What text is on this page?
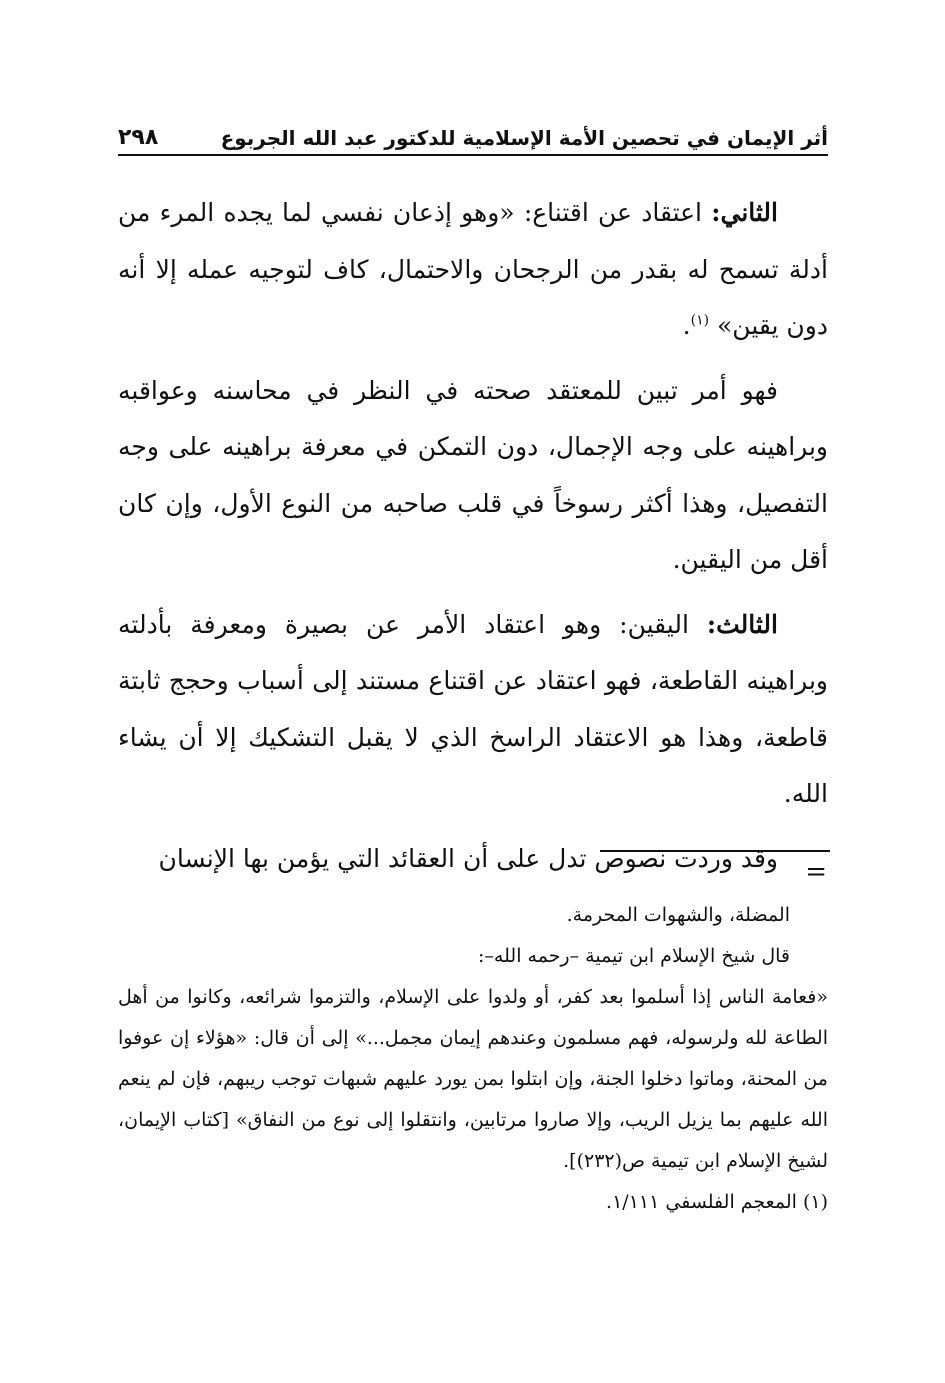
أثر الإيمان في تحصين الأمة الإسلامية للدكتور عبد الله الجربوع
٢٩٨

الثاني: اعتقاد عن اقتناع: «وهو إذعان نفسي لما يجده المرء من أدلة تسمح له بقدر من الرجحان والاحتمال، كاف لتوجيه عمله إلا أنه دون يقين» $^{(١)}$.

فهو أمر تبين للمعتقد صحته في النظر في محاسنه وعواقبه وبراهينه على وجه الإجمال، دون التمكن في معرفة براهينه على وجه التفصيل، وهذا أكثر رسوخاً في قلب صاحبه من النوع الأول، وإن كان أقل من اليقين.

الثالث: اليقين: وهو اعتقاد الأمر عن بصيرة ومعرفة بأدلته وبراهينه القاطعة، فهو اعتقاد عن اقتناع مستند إلى أسباب وحجج ثابتة قاطعة، وهذا هو الاعتقاد الراسخ الذي لا يقبل التشكيك إلا أن يشاء الله.

وقد وردت نصوص تدل على أن العقائد التي يؤمن بها الإنسان	=

المضلة، والشهوات المحرمة.

قال شيخ الإسلام ابن تيمية –رحمه الله–:

«فعامة الناس إذا أسلموا بعد كفر، أو ولدوا على الإسلام، والتزموا شرائعه، وكانوا من أهل الطاعة لله ولرسوله، فهم مسلمون وعندهم إيمان مجمل...» إلى أن قال: «هؤلاء إن عوفوا من المحنة، وماتوا دخلوا الجنة، وإن ابتلوا بمن يورد عليهم شبهات توجب ريبهم، فإن لم ينعم الله عليهم بما يزيل الريب، وإلا صاروا مرتابين، وانتقلوا إلى نوع من النفاق» [كتاب الإيمان، لشيخ الإسلام ابن تيمية ص(٢٣٢)].

(١) المعجم الفلسفي ١/١١١.
